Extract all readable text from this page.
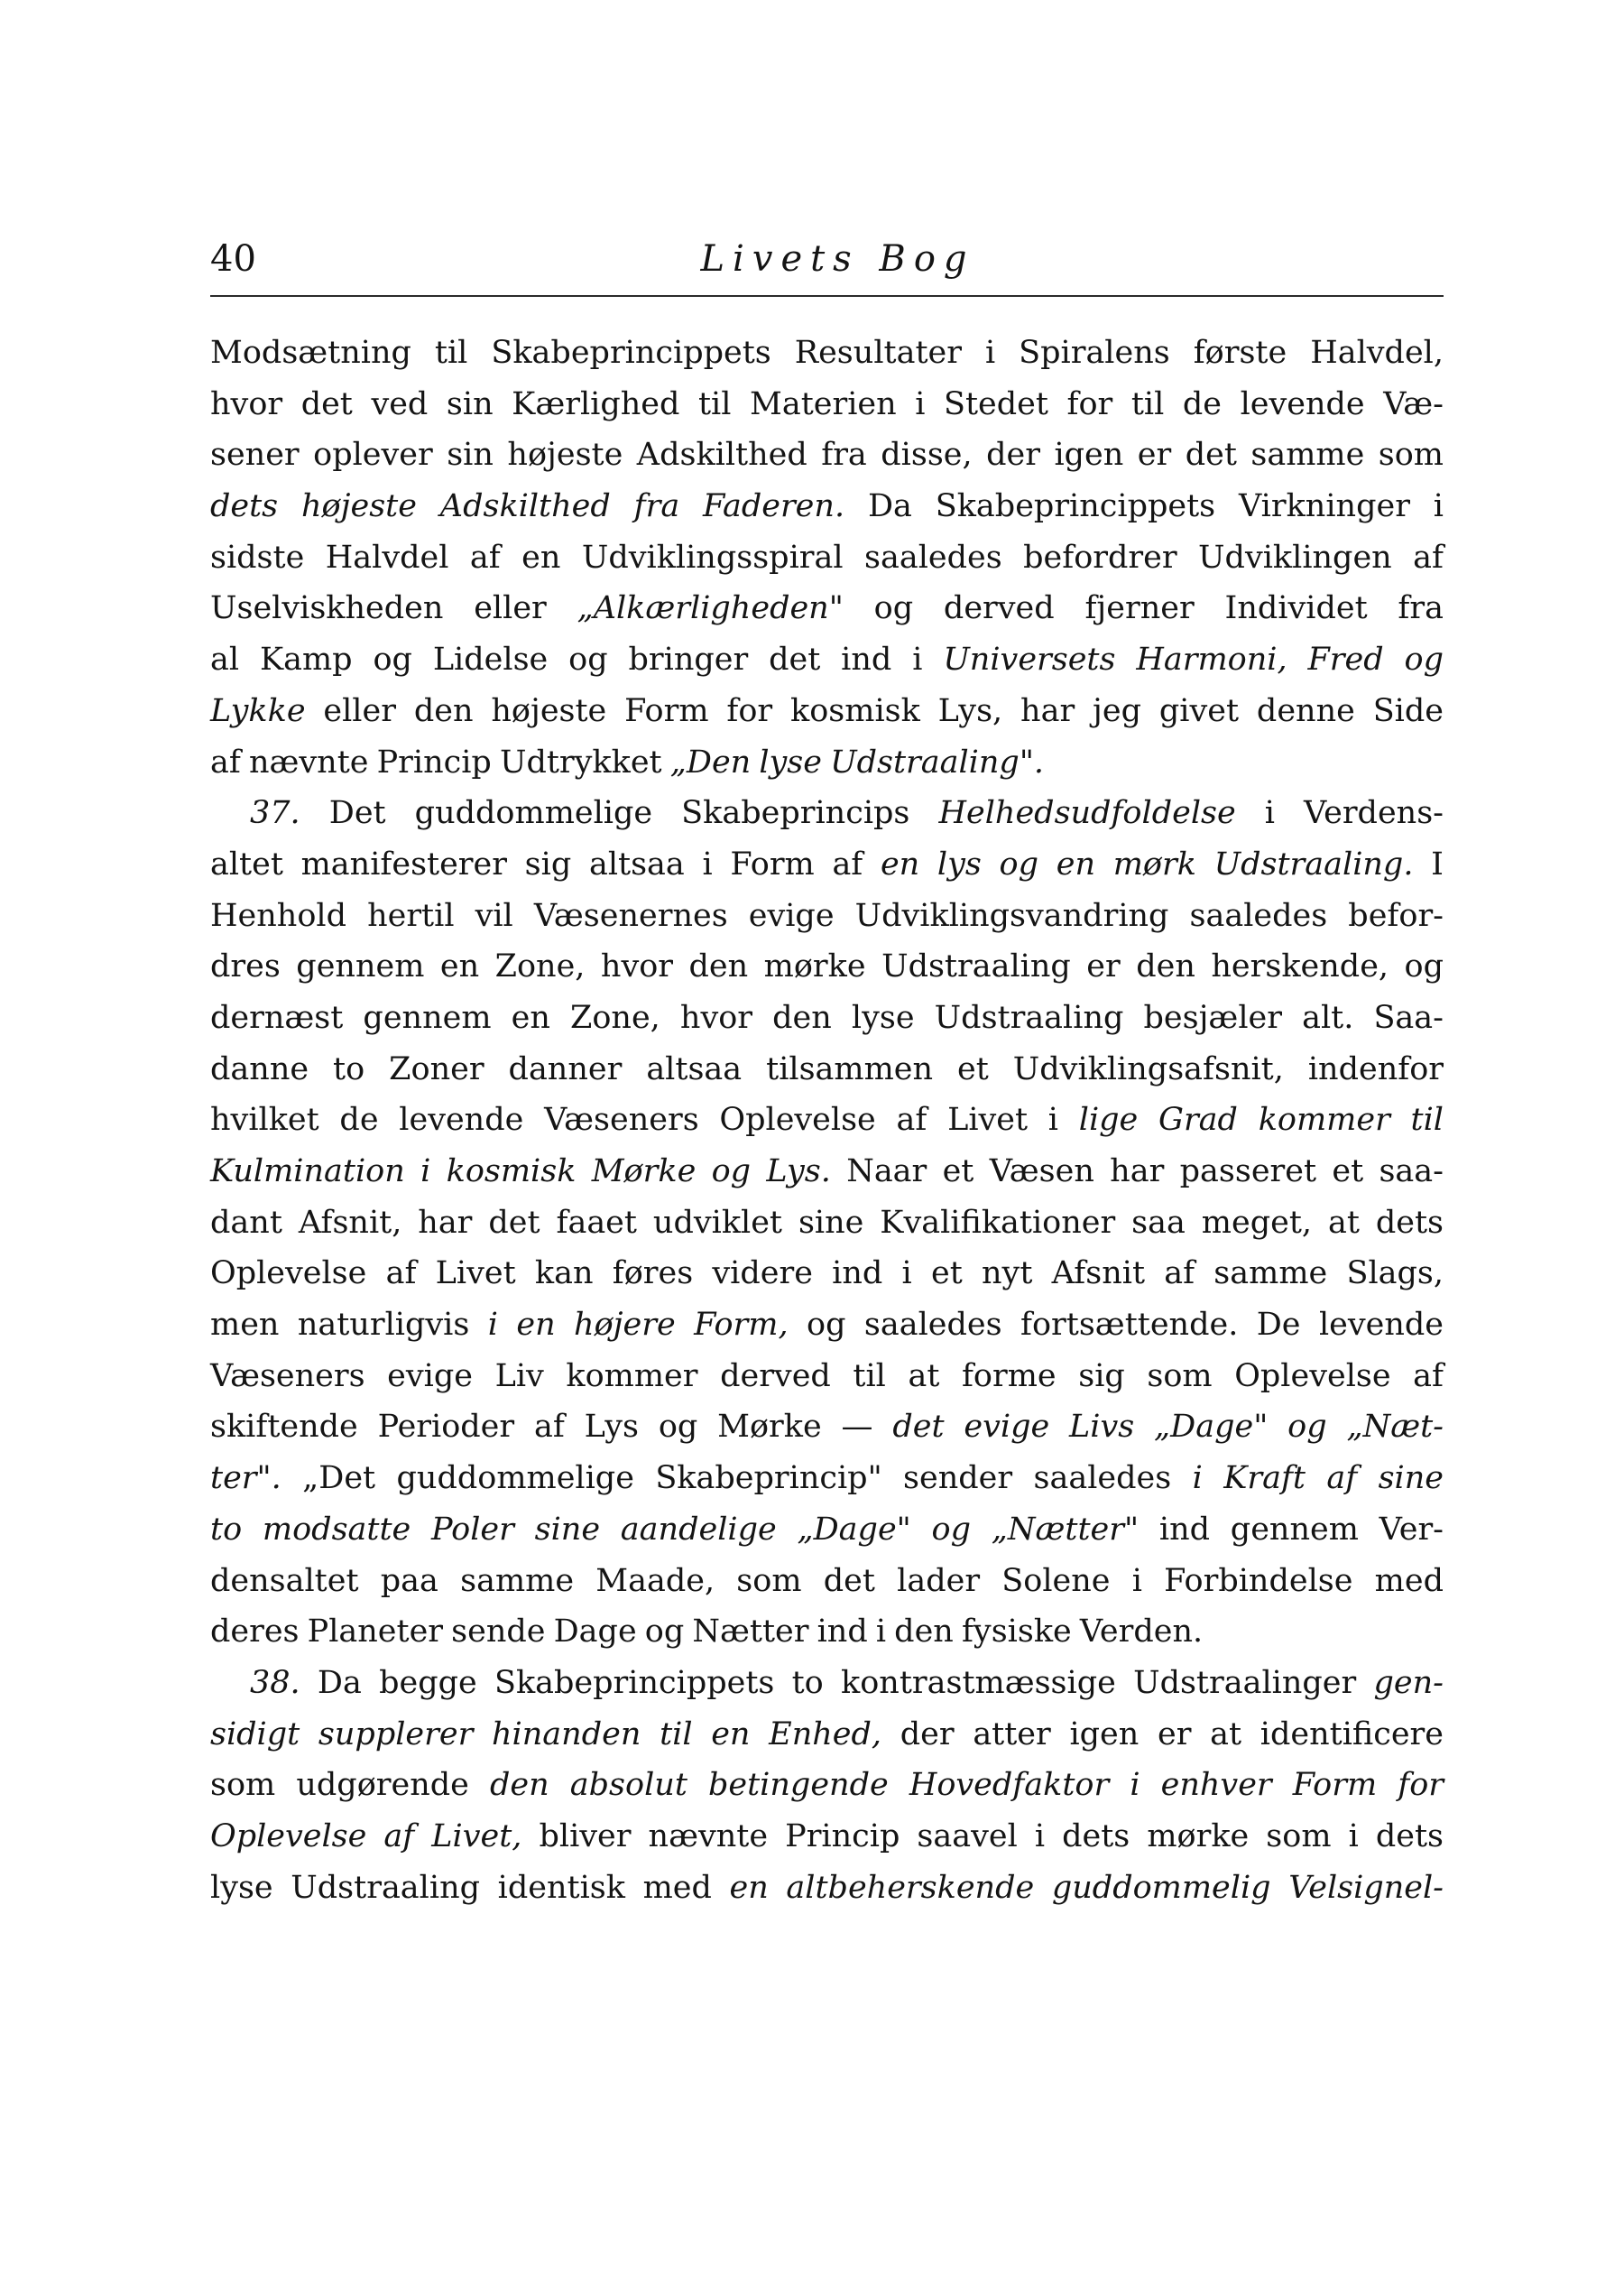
40	Livets Bog
Modsætning til Skabeprincippets Resultater i Spiralens første Halvdel,
hvor det ved sin Kærlighed til Materien i Stedet for til de levende Væ-
sener oplever sin højeste Adskilthed fra disse, der igen er det samme som
dets højeste Adskilthed fra Faderen. Da Skabeprincippets Virkninger i
sidste Halvdel af en Udviklingsspiral saaledes befordrer Udviklingen af
Uselviskheden eller „Alkærligheden" og derved fjerner Individet fra
al Kamp og Lidelse og bringer det ind i Universets Harmoni, Fred og
Lykke eller den højeste Form for kosmisk Lys, har jeg givet denne Side
af nævnte Princip Udtrykket „Den lyse Udstraaling".
37. Det guddommelige Skabeprincips Helhedsudfoldelse i Verdens-
altet manifesterer sig altsaa i Form af en lys og en mørk Udstraaling. I
Henhold hertil vil Væsenernes evige Udviklingsvandring saaledes befor-
dres gennem en Zone, hvor den mørke Udstraaling er den herskende, og
dernæst gennem en Zone, hvor den lyse Udstraaling besjæler alt. Saa-
danne to Zoner danner altsaa tilsammen et Udviklingsafsnit, indenfor
hvilket de levende Væseners Oplevelse af Livet i lige Grad kommer til
Kulmination i kosmisk Mørke og Lys. Naar et Væsen har passeret et saa-
dant Afsnit, har det faaet udviklet sine Kvalifikationer saa meget, at dets
Oplevelse af Livet kan føres videre ind i et nyt Afsnit af samme Slags,
men naturligvis i en højere Form, og saaledes fortsættende. De levende
Væseners evige Liv kommer derved til at forme sig som Oplevelse af
skiftende Perioder af Lys og Mørke — det evige Livs „Dage" og „Næt-
ter". „Det guddommelige Skabeprincip" sender saaledes i Kraft af sine
to modsatte Poler sine aandelige „Dage" og „Nætter" ind gennem Ver-
densaltet paa samme Maade, som det lader Solene i Forbindelse med
deres Planeter sende Dage og Nætter ind i den fysiske Verden.
38. Da begge Skabeprincippets to kontrastmæssige Udstraalinger gen-
sidigt supplerer hinanden til en Enhed, der atter igen er at identificere
som udgørende den absolut betingende Hovedfaktor i enhver Form for
Oplevelse af Livet, bliver nævnte Princip saavel i dets mørke som i dets
lyse Udstraaling identisk med en altbeherskende guddommelig Velsignel-
